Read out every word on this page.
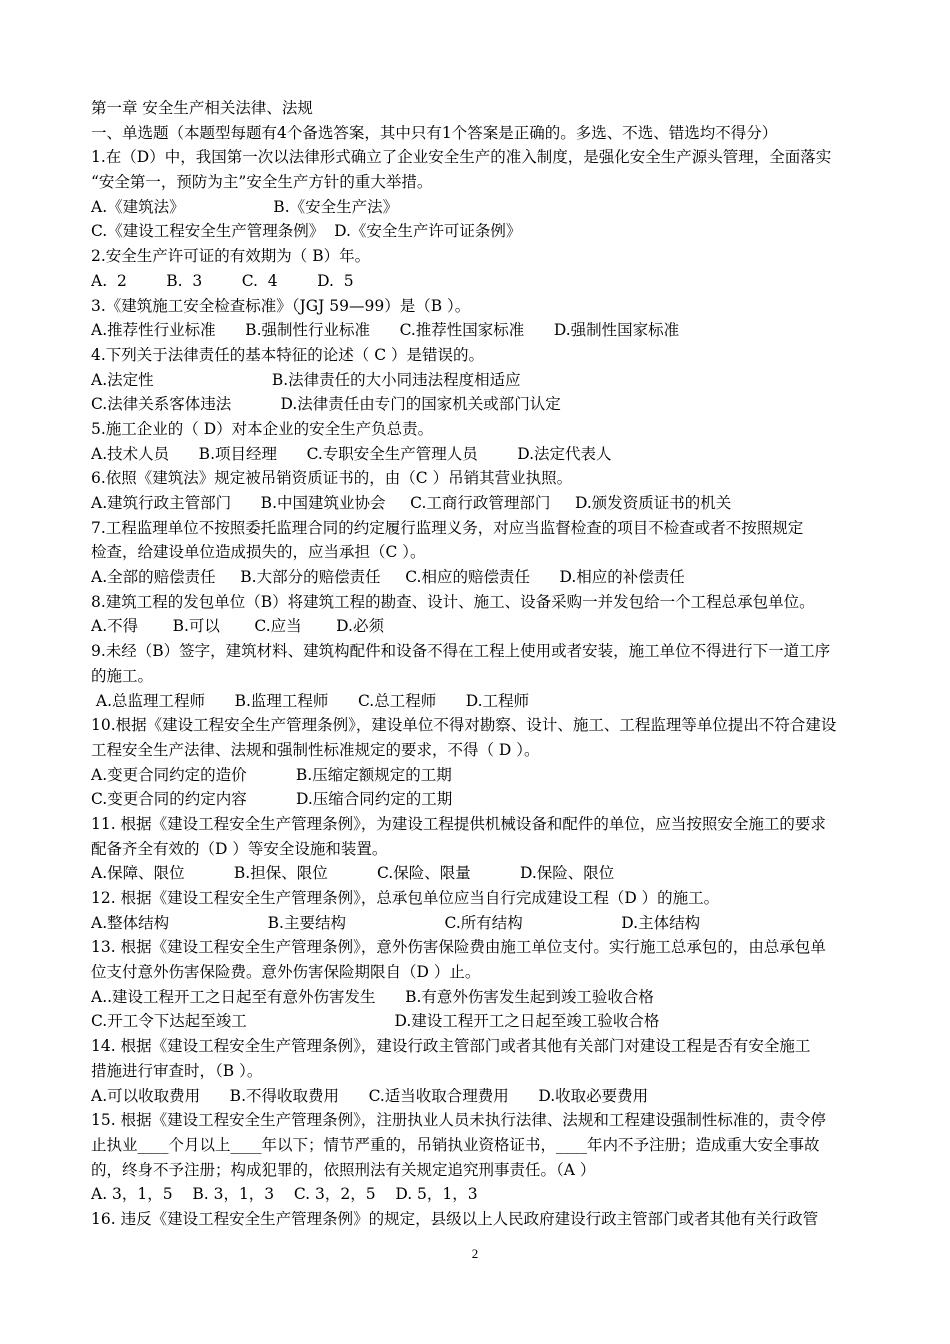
第一章 安全生产相关法律、法规
一、单选题（本题型每题有4个备选答案，其中只有1个答案是正确的。多选、不选、错选均不得分）
1.在（D）中，我国第一次以法律形式确立了企业安全生产的准入制度，是强化安全生产源头管理，全面落实
“安全第一，预防为主”安全生产方针的重大举措。
A.《建筑法》                  B.《安全生产法》
C.《建设工程安全生产管理条例》  D.《安全生产许可证条例》
2.安全生产许可证的有效期为（ B）年。
A.  2        B.  3        C.  4        D.  5
3.《建筑施工安全检查标准》（JGJ 59—99）是（B ）。
A.推荐性行业标准      B.强制性行业标准      C.推荐性国家标准      D.强制性国家标准
4.下列关于法律责任的基本特征的论述（ C ）是错误的。
A.法定性                        B.法律责任的大小同违法程度相适应
C.法律关系客体违法          D.法律责任由专门的国家机关或部门认定
5.施工企业的（ D）对本企业的安全生产负总责。
A.技术人员      B.项目经理      C.专职安全生产管理人员        D.法定代表人
6.依照《建筑法》规定被吊销资质证书的，由（C ）吊销其营业执照。
A.建筑行政主管部门      B.中国建筑业协会     C.工商行政管理部门     D.颁发资质证书的机关
7.工程监理单位不按照委托监理合同的约定履行监理义务，对应当监督检查的项目不检查或者不按照规定
检查，给建设单位造成损失的，应当承担（C ）。
A.全部的赔偿责任     B.大部分的赔偿责任     C.相应的赔偿责任      D.相应的补偿责任
8.建筑工程的发包单位（B）将建筑工程的勘查、设计、施工、设备采购一并发包给一个工程总承包单位。
A.不得       B.可以       C.应当       D.必须
9.未经（B）签字，建筑材料、建筑构配件和设备不得在工程上使用或者安装，施工单位不得进行下一道工序
的施工。
A.总监理工程师      B.监理工程师      C.总工程师      D.工程师
10.根据《建设工程安全生产管理条例》，建设单位不得对勘察、设计、施工、工程监理等单位提出不符合建设
工程安全生产法律、法规和强制性标准规定的要求，不得（ D ）。
A.变更合同约定的造价          B.压缩定额规定的工期
C.变更合同的约定内容          D.压缩合同约定的工期
11. 根据《建设工程安全生产管理条例》，为建设工程提供机械设备和配件的单位，应当按照安全施工的要求
配备齐全有效的（D ）等安全设施和装置。
A.保障、限位          B.担保、限位          C.保险、限量          D.保险、限位
12. 根据《建设工程安全生产管理条例》，总承包单位应当自行完成建设工程（D ）的施工。
A.整体结构                    B.主要结构                    C.所有结构                    D.主体结构
13. 根据《建设工程安全生产管理条例》，意外伤害保险费由施工单位支付。实行施工总承包的，由总承包单
位支付意外伤害保险费。意外伤害保险期限自（D ）止。
A..建设工程开工之日起至有意外伤害发生      B.有意外伤害发生起到竣工验收合格
C.开工令下达起至竣工                              D.建设工程开工之日起至竣工验收合格
14. 根据《建设工程安全生产管理条例》，建设行政主管部门或者其他有关部门对建设工程是否有安全施工
措施进行审查时，（B ）。
A.可以收取费用      B.不得收取费用      C.适当收取合理费用      D.收取必要费用
15. 根据《建设工程安全生产管理条例》，注册执业人员未执行法律、法规和工程建设强制性标准的，责令停
止执业____个月以上____年以下；情节严重的，吊销执业资格证书，____年内不予注册；造成重大安全事故
的，终身不予注册；构成犯罪的，依照刑法有关规定追究刑事责任。（A ）
A. 3，1，5    B. 3，1，3    C. 3，2，5    D. 5，1，3
16. 违反《建设工程安全生产管理条例》的规定，县级以上人民政府建设行政主管部门或者其他有关行政管
2
